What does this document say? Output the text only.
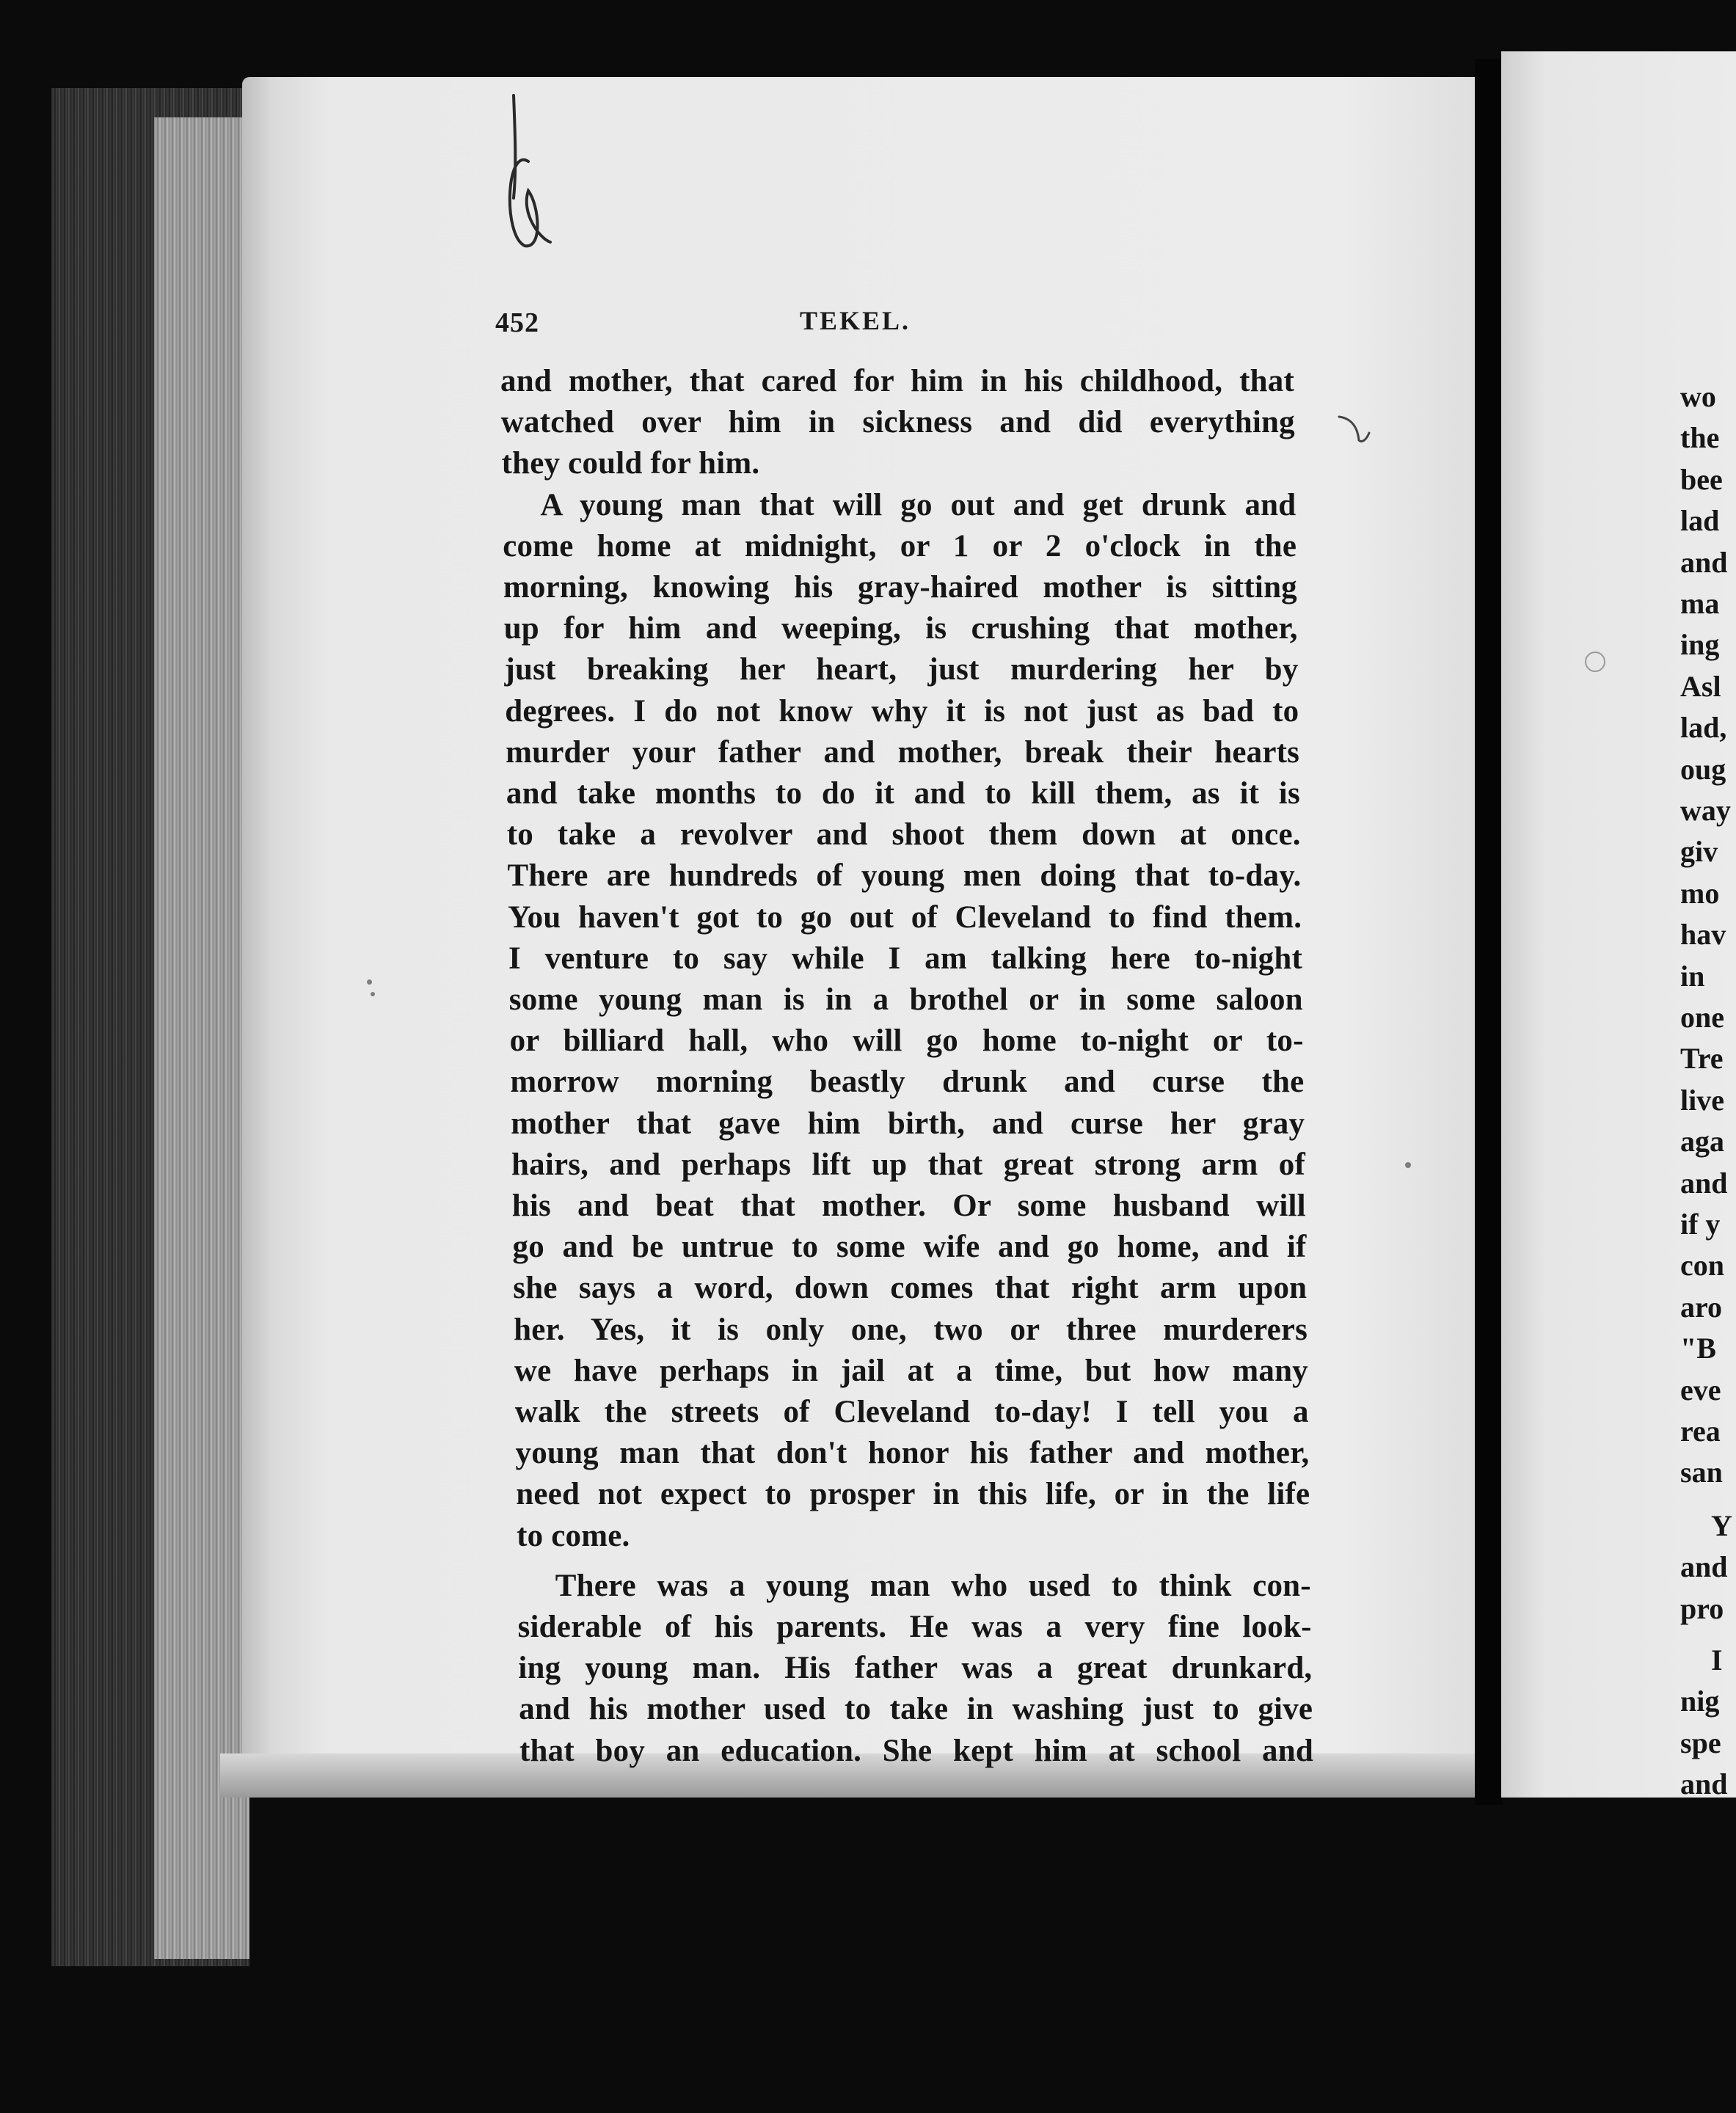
452	TEKEL.
and mother, that cared for him in his childhood, that
watched over him in sickness and did everything
they could for him.
A young man that will go out and get drunk and
come home at midnight, or 1 or 2 o'clock in the
morning, knowing his gray-haired mother is sitting
up for him and weeping, is crushing that mother,
just breaking her heart, just murdering her by
degrees. I do not know why it is not just as bad to
murder your father and mother, break their hearts
and take months to do it and to kill them, as it is
to take a revolver and shoot them down at once.
There are hundreds of young men doing that to-day.
You haven't got to go out of Cleveland to find them.
I venture to say while I am talking here to-night
some young man is in a brothel or in some saloon
or billiard hall, who will go home to-night or to-
morrow morning beastly drunk and curse the
mother that gave him birth, and curse her gray
hairs, and perhaps lift up that great strong arm of
his and beat that mother. Or some husband will
go and be untrue to some wife and go home, and if
she says a word, down comes that right arm upon
her. Yes, it is only one, two or three murderers
we have perhaps in jail at a time, but how many
walk the streets of Cleveland to-day! I tell you a
young man that don't honor his father and mother,
need not expect to prosper in this life, or in the life
to come.
There was a young man who used to think con-
siderable of his parents. He was a very fine look-
ing young man. His father was a great drunkard,
and his mother used to take in washing just to give
that boy an education. She kept him at school and
wo
the
bee
lad
and
ma
ing
Asl
lad,
oug
way
giv
mo
hav
in
one
Tre
live
aga
and
if y
con
aro
"B
eve
rea
san
Y
and
pro
I
nig
spe
and
